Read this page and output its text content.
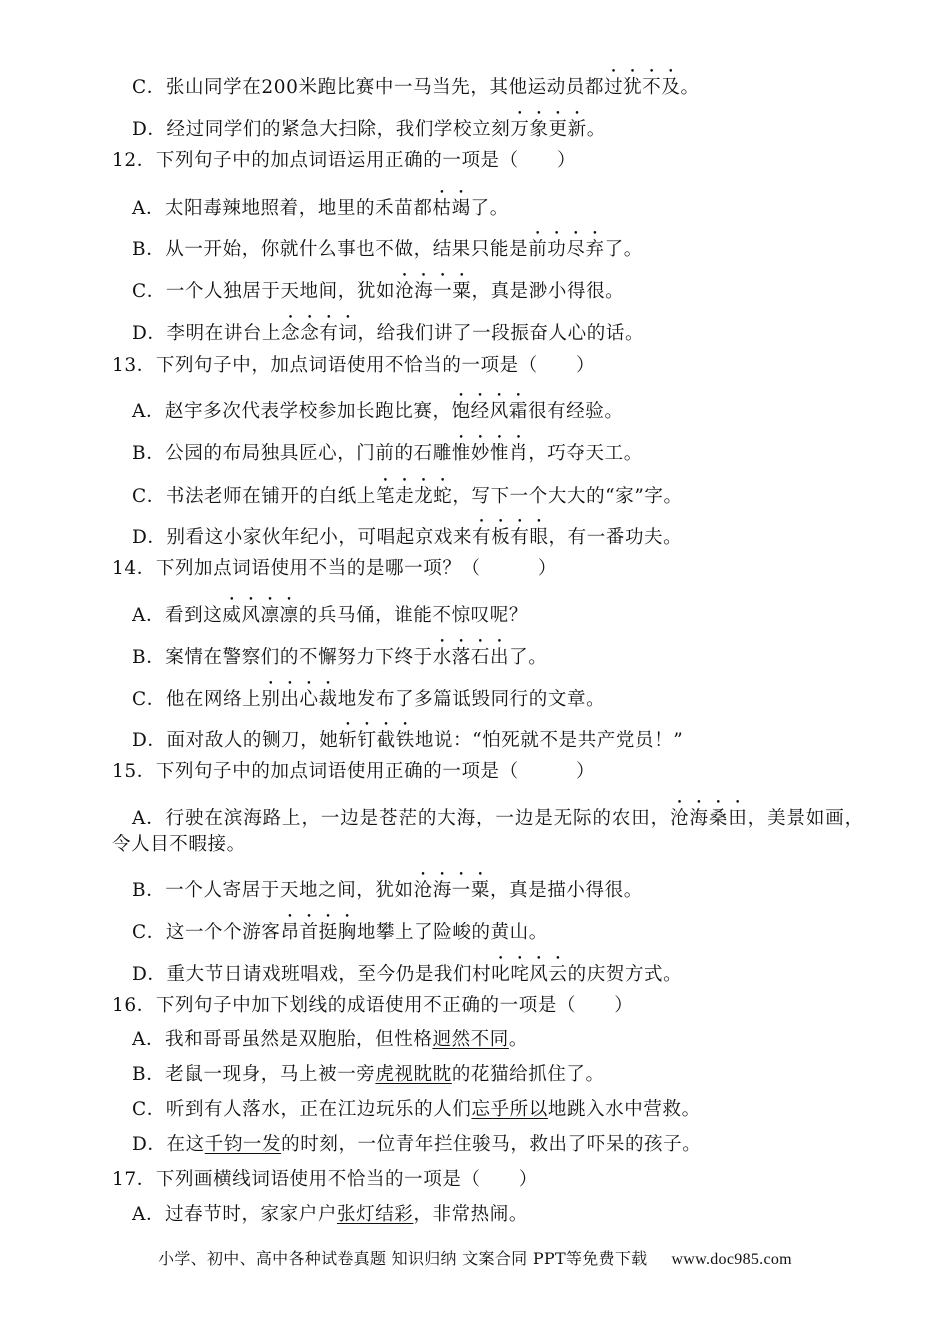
C．张山同学在200米跑比赛中一马当先，其他运动员都过犹不及。
D．经过同学们的紧急大扫除，我们学校立刻万象更新。
12．下列句子中的加点词语运用正确的一项是（　　）
A．太阳毒辣地照着，地里的禾苗都枯竭了。
B．从一开始，你就什么事也不做，结果只能是前功尽弃了。
C．一个人独居于天地间，犹如沧海一粟，真是渺小得很。
D．李明在讲台上念念有词，给我们讲了一段振奋人心的话。
13．下列句子中，加点词语使用不恰当的一项是（　　）
A．赵宇多次代表学校参加长跑比赛，饱经风霜很有经验。
B．公园的布局独具匠心，门前的石雕惟妙惟肖，巧夺天工。
C．书法老师在铺开的白纸上笔走龙蛇，写下一个大大的“家”字。
D．别看这小家伙年纪小，可唱起京戏来有板有眼，有一番功夫。
14．下列加点词语使用不当的是哪一项？（　　　）
A．看到这威风凛凛的兵马俑，谁能不惊叹呢？
B．案情在警察们的不懈努力下终于水落石出了。
C．他在网络上别出心裁地发布了多篇诋毁同行的文章。
D．面对敌人的铡刀，她斩钉截铁地说：“怕死就不是共产党员！”
15．下列句子中的加点词语使用正确的一项是（　　　）
A．行驶在滨海路上，一边是苍茫的大海，一边是无际的农田，沧海桑田，美景如画，
令人目不暇接。
B．一个人寄居于天地之间，犹如沧海一粟，真是描小得很。
C．这一个个游客昂首挺胸地攀上了险峻的黄山。
D．重大节日请戏班唱戏，至今仍是我们村叱咤风云的庆贺方式。
16．下列句子中加下划线的成语使用不正确的一项是（　　）
A．我和哥哥虽然是双胞胎，但性格迥然不同。
B．老鼠一现身，马上被一旁虎视眈眈的花猫给抓住了。
C．听到有人落水，正在江边玩乐的人们忘乎所以地跳入水中营救。
D．在这千钧一发的时刻，一位青年拦住骏马，救出了吓呆的孩子。
17．下列画横线词语使用不恰当的一项是（　　）
A．过春节时，家家户户张灯结彩，非常热闹。
小学、初中、高中各种试卷真题 知识归纳 文案合同 PPT等免费下载 www.doc985.com
